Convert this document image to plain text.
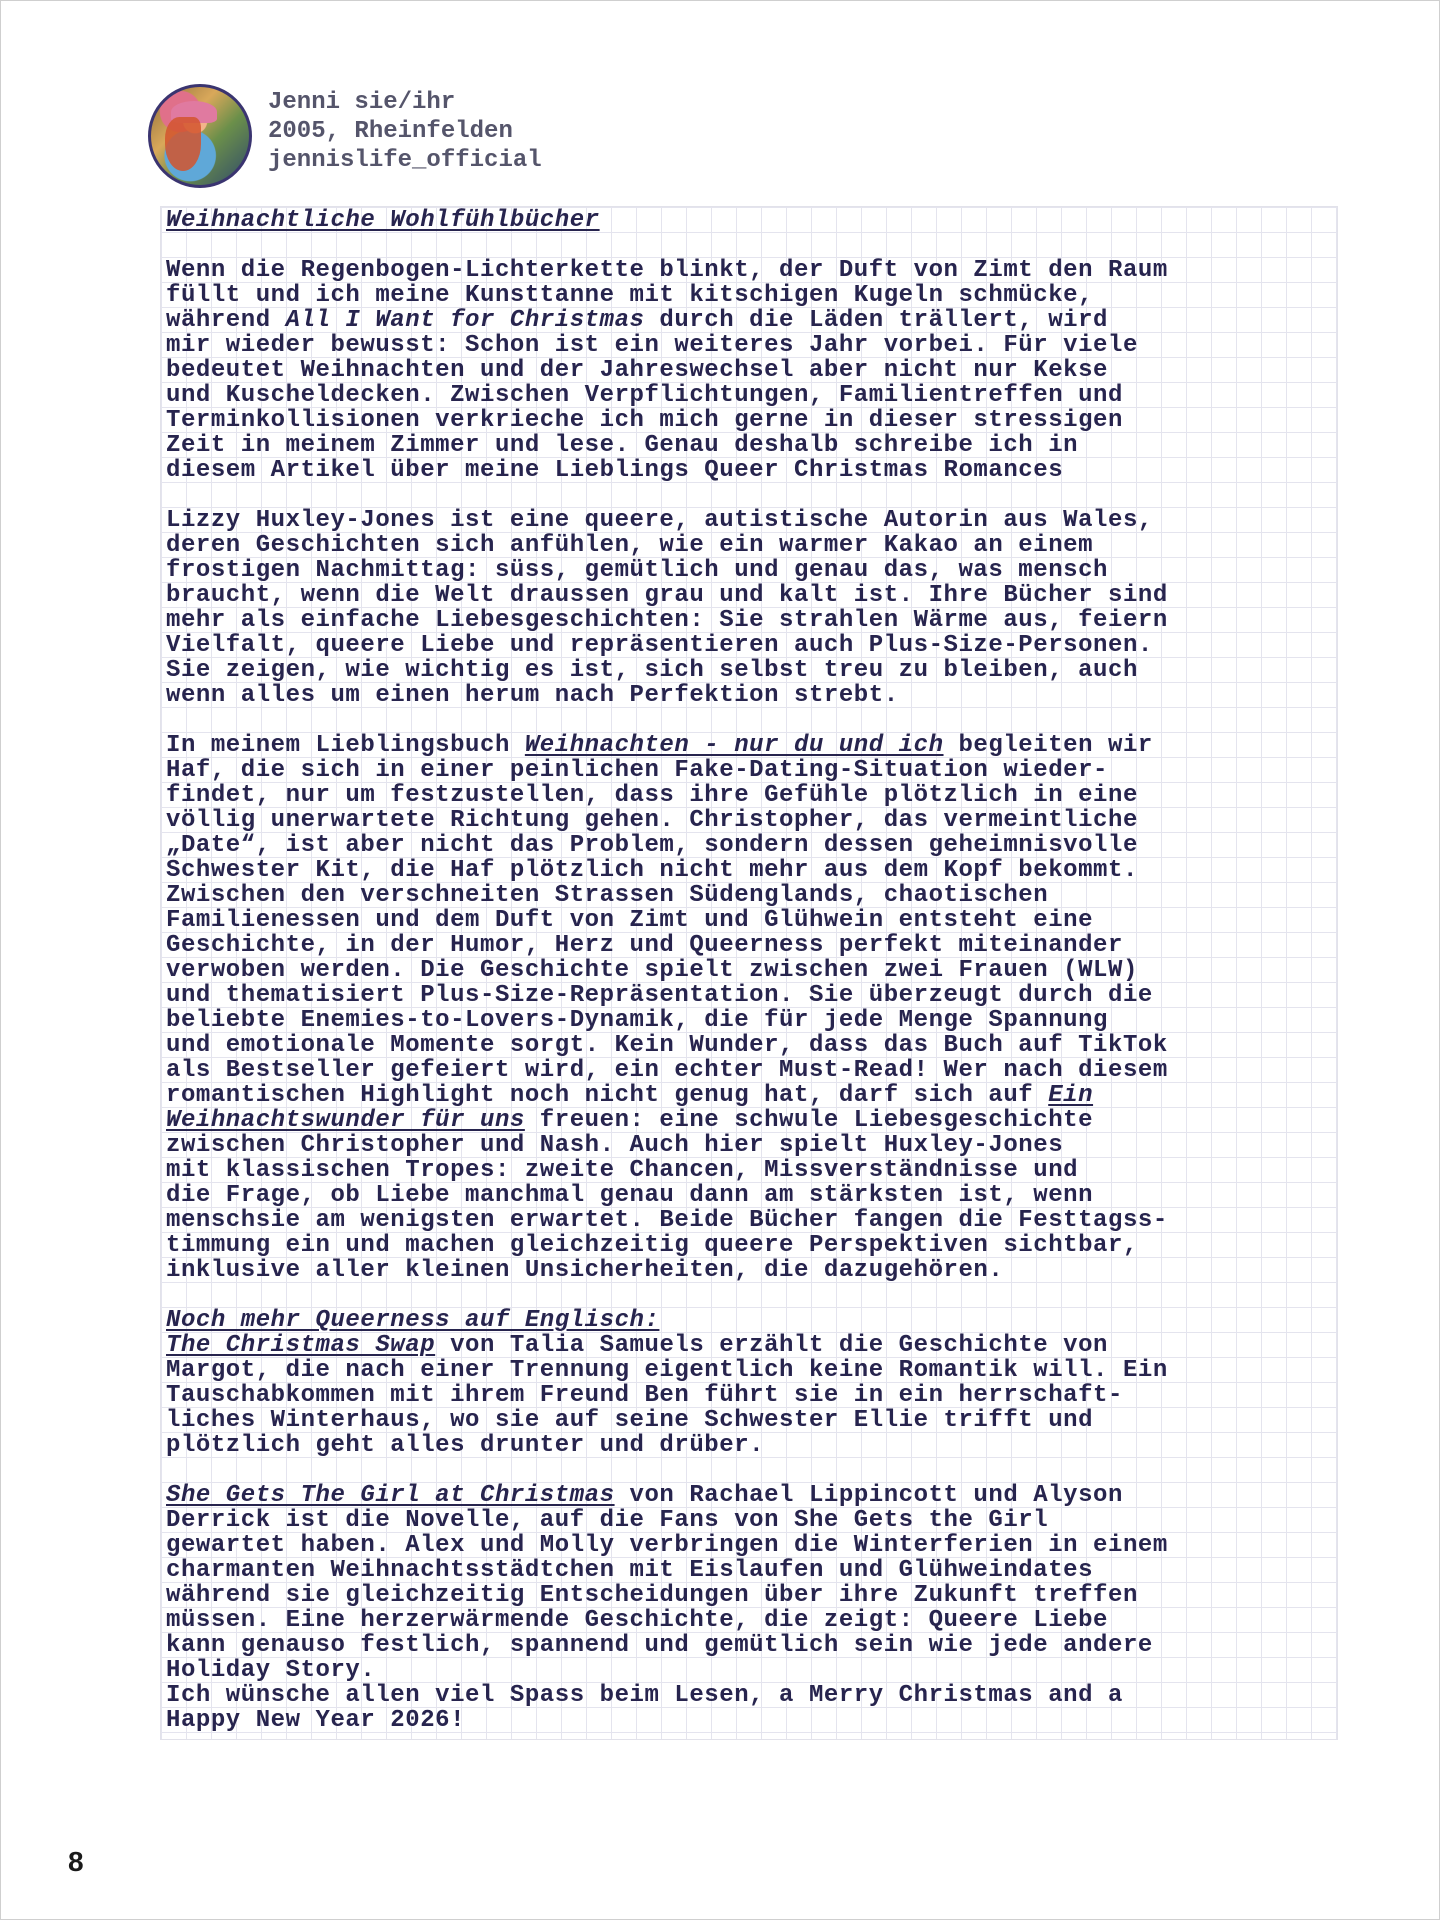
Jenni sie/ihr
2005, Rheinfelden
jennislife_official

Weihnachtliche Wohlfühlbücher

Wenn die Regenbogen-Lichterkette blinkt, der Duft von Zimt den Raum
füllt und ich meine Kunsttanne mit kitschigen Kugeln schmücke,
während All I Want for Christmas durch die Läden trällert, wird
mir wieder bewusst: Schon ist ein weiteres Jahr vorbei. Für viele
bedeutet Weihnachten und der Jahreswechsel aber nicht nur Kekse
und Kuscheldecken. Zwischen Verpflichtungen, Familientreffen und
Terminkollisionen verkrieche ich mich gerne in dieser stressigen
Zeit in meinem Zimmer und lese. Genau deshalb schreibe ich in
diesem Artikel über meine Lieblings Queer Christmas Romances

Lizzy Huxley-Jones ist eine queere, autistische Autorin aus Wales,
deren Geschichten sich anfühlen, wie ein warmer Kakao an einem
frostigen Nachmittag: süss, gemütlich und genau das, was mensch
braucht, wenn die Welt draussen grau und kalt ist. Ihre Bücher sind
mehr als einfache Liebesgeschichten: Sie strahlen Wärme aus, feiern
Vielfalt, queere Liebe und repräsentieren auch Plus-Size-Personen.
Sie zeigen, wie wichtig es ist, sich selbst treu zu bleiben, auch
wenn alles um einen herum nach Perfektion strebt.

In meinem Lieblingsbuch Weihnachten - nur du und ich begleiten wir
Haf, die sich in einer peinlichen Fake-Dating-Situation wieder-
findet, nur um festzustellen, dass ihre Gefühle plötzlich in eine
völlig unerwartete Richtung gehen. Christopher, das vermeintliche
„Date“, ist aber nicht das Problem, sondern dessen geheimnisvolle
Schwester Kit, die Haf plötzlich nicht mehr aus dem Kopf bekommt.
Zwischen den verschneiten Strassen Südenglands, chaotischen
Familienessen und dem Duft von Zimt und Glühwein entsteht eine
Geschichte, in der Humor, Herz und Queerness perfekt miteinander
verwoben werden. Die Geschichte spielt zwischen zwei Frauen (WLW)
und thematisiert Plus-Size-Repräsentation. Sie überzeugt durch die
beliebte Enemies-to-Lovers-Dynamik, die für jede Menge Spannung
und emotionale Momente sorgt. Kein Wunder, dass das Buch auf TikTok
als Bestseller gefeiert wird, ein echter Must-Read! Wer nach diesem
romantischen Highlight noch nicht genug hat, darf sich auf Ein
Weihnachtswunder für uns freuen: eine schwule Liebesgeschichte
zwischen Christopher und Nash. Auch hier spielt Huxley-Jones
mit klassischen Tropes: zweite Chancen, Missverständnisse und
die Frage, ob Liebe manchmal genau dann am stärksten ist, wenn
menschsie am wenigsten erwartet. Beide Bücher fangen die Festtagss-
timmung ein und machen gleichzeitig queere Perspektiven sichtbar,
inklusive aller kleinen Unsicherheiten, die dazugehören.

Noch mehr Queerness auf Englisch:
The Christmas Swap von Talia Samuels erzählt die Geschichte von
Margot, die nach einer Trennung eigentlich keine Romantik will. Ein
Tauschabkommen mit ihrem Freund Ben führt sie in ein herrschaft-
liches Winterhaus, wo sie auf seine Schwester Ellie trifft und
plötzlich geht alles drunter und drüber.

She Gets The Girl at Christmas von Rachael Lippincott und Alyson
Derrick ist die Novelle, auf die Fans von She Gets the Girl
gewartet haben. Alex und Molly verbringen die Winterferien in einem
charmanten Weihnachtsstädtchen mit Eislaufen und Glühweindates
während sie gleichzeitig Entscheidungen über ihre Zukunft treffen
müssen. Eine herzerwärmende Geschichte, die zeigt: Queere Liebe
kann genauso festlich, spannend und gemütlich sein wie jede andere
Holiday Story.
Ich wünsche allen viel Spass beim Lesen, a Merry Christmas and a
Happy New Year 2026!

8
